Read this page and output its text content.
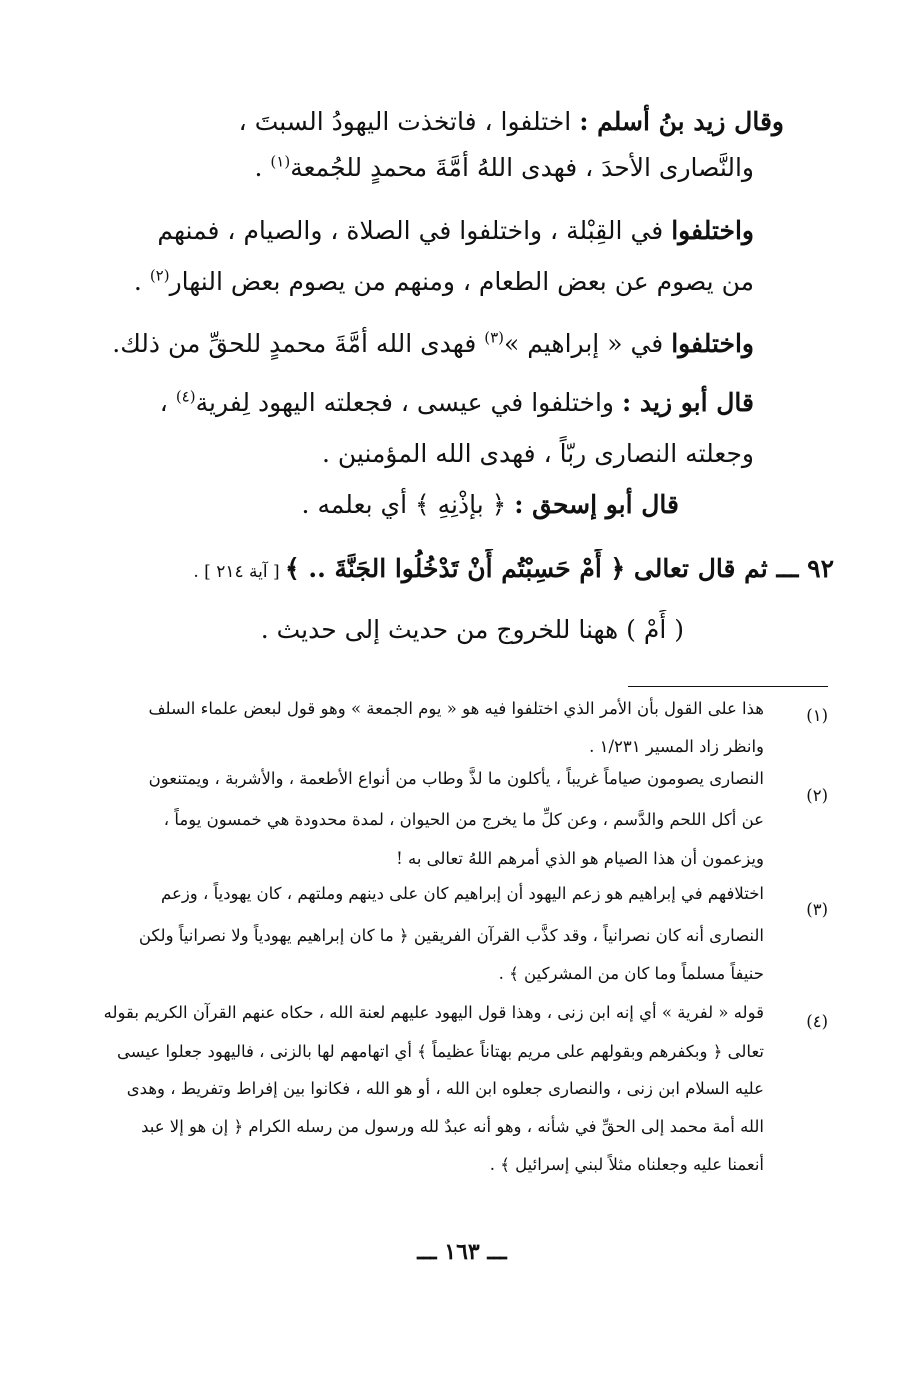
وقال زيد بنُ أسلم : اختلفوا ، فاتخذت اليهودُ السبتَ ،
والنَّصارى الأحدَ ، فهدى اللهُ أمَّةَ محمدٍ للجُمعة$^{(١)}$ .
واختلفوا في القِبْلة ، واختلفوا في الصلاة ، والصيام ، فمنهم
من يصوم عن بعض الطعام ، ومنهم من يصوم بعض النهار$^{(٢)}$ .
واختلفوا في « إبراهيم »$^{(٣)}$ فهدى الله أمَّةَ محمدٍ للحقِّ من ذلك.
قال أبو زيد : واختلفوا في عيسى ، فجعلته اليهود لِفرية$^{(٤)}$ ،
وجعلته النصارى ربّاً ، فهدى الله المؤمنين .
قال أبو إسحق : ﴿ بإذْنِهِ ﴾ أي بعلمه .
٩٢ ـــ ثم قال تعالى ﴿ أَمْ حَسِبْتُم أَنْ تَدْخُلُوا الجَنَّةَ .. ﴾ [ آية ٢١٤ ] .
( أَمْ ) ههنا للخروج من حديث إلى حديث .
(١)
هذا على القول بأن الأمر الذي اختلفوا فيه هو « يوم الجمعة » وهو قول لبعض علماء السلف
وانظر زاد المسير ١/٢٣١ .
(٢)
النصارى يصومون صياماً غريباً ، يأكلون ما لذَّ وطاب من أنواع الأطعمة ، والأشربة ، ويمتنعون
عن أكل اللحم والدَّسم ، وعن كلِّ ما يخرج من الحيوان ، لمدة محدودة هي خمسون يوماً ،
ويزعمون أن هذا الصيام هو الذي أمرهم اللهُ تعالى به !
(٣)
اختلافهم في إبراهيم هو زعم اليهود أن إبراهيم كان على دينهم وملتهم ، كان يهودياً ، وزعم
النصارى أنه كان نصرانياً ، وقد كذَّب القرآن الفريقين ﴿ ما كان إبراهيم يهودياً ولا نصرانياً ولكن
حنيفاً مسلماً وما كان من المشركين ﴾ .
(٤)
قوله « لفرية » أي إنه ابن زنى ، وهذا قول اليهود عليهم لعنة الله ، حكاه عنهم القرآن الكريم بقوله
تعالى ﴿ وبكفرهم وبقولهم على مريم بهتاناً عظيماً ﴾ أي اتهامهم لها بالزنى ، فاليهود جعلوا عيسى
عليه السلام ابن زنى ، والنصارى جعلوه ابن الله ، أو هو الله ، فكانوا بين إفراط وتفريط ، وهدى
الله أمة محمد إلى الحقِّ في شأنه ، وهو أنه عبدٌ لله ورسول من رسله الكرام ﴿ إن هو إلا عبد
أنعمنا عليه وجعلناه مثلاً لبني إسرائيل ﴾ .
ـــ ١٦٣ ـــ
